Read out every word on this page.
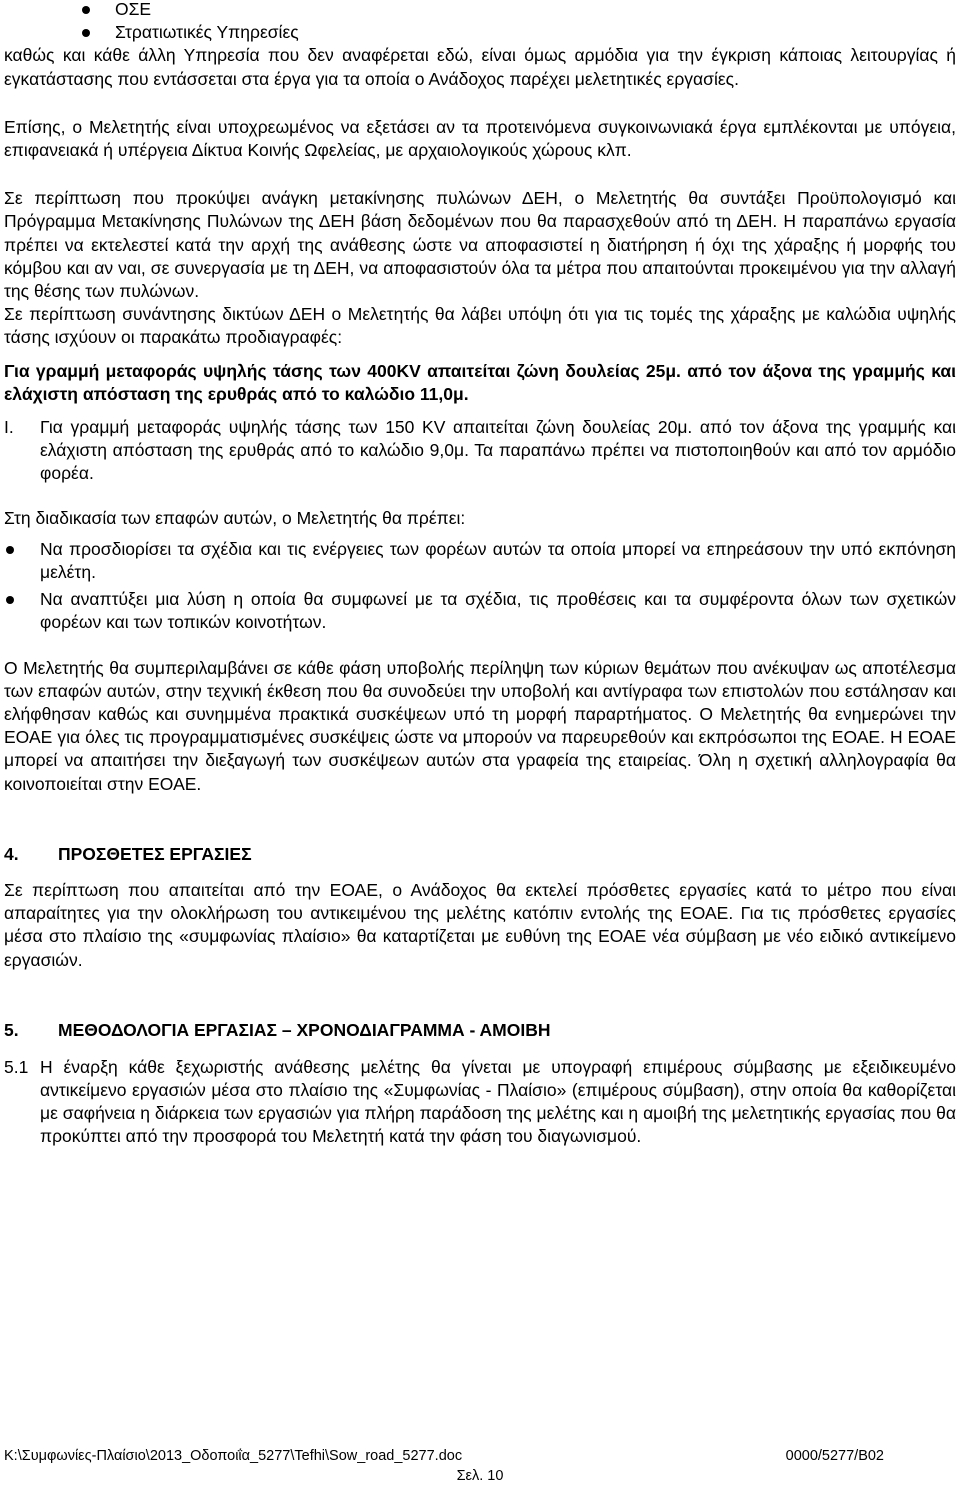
ΟΣΕ
Στρατιωτικές Υπηρεσίες

καθώς και κάθε άλλη Υπηρεσία που δεν αναφέρεται εδώ, είναι όμως αρμόδια για την έγκριση κάποιας λειτουργίας ή εγκατάστασης που εντάσσεται στα έργα για τα οποία ο Ανάδοχος παρέχει μελετητικές εργασίες.

Επίσης, ο Μελετητής είναι υποχρεωμένος να εξετάσει αν τα προτεινόμενα συγκοινωνιακά έργα εμπλέκονται με υπόγεια, επιφανειακά ή υπέργεια Δίκτυα Κοινής Ωφελείας, με αρχαιολογικούς χώρους κλπ.

Σε περίπτωση που προκύψει ανάγκη μετακίνησης πυλώνων ΔΕΗ, ο Μελετητής θα συντάξει Προϋπολογισμό και Πρόγραμμα Μετακίνησης Πυλώνων της ΔΕΗ βάση δεδομένων που θα παρασχεθούν από τη ΔΕΗ. Η παραπάνω εργασία πρέπει να εκτελεστεί κατά την αρχή της ανάθεσης ώστε να αποφασιστεί η διατήρηση ή όχι της χάραξης ή μορφής του κόμβου και αν ναι, σε συνεργασία με τη ΔΕΗ, να αποφασιστούν όλα τα μέτρα που απαιτούνται προκειμένου για την αλλαγή της θέσης των πυλώνων.

Σε περίπτωση συνάντησης δικτύων ΔΕΗ ο Μελετητής θα λάβει υπόψη ότι για τις τομές της χάραξης με καλώδια υψηλής τάσης ισχύουν οι παρακάτω προδιαγραφές:

Για γραμμή μεταφοράς υψηλής τάσης των 400KV απαιτείται ζώνη δουλείας 25μ. από τον άξονα της γραμμής και ελάχιστη απόσταση της ερυθράς από το καλώδιο 11,0μ.

Ι. Για γραμμή μεταφοράς υψηλής τάσης των 150 KV απαιτείται ζώνη δουλείας 20μ. από τον άξονα της γραμμής και ελάχιστη απόσταση της ερυθράς από το καλώδιο 9,0μ. Τα παραπάνω πρέπει να πιστοποιηθούν και από τον αρμόδιο φορέα.

Στη διαδικασία των επαφών αυτών, ο Μελετητής θα πρέπει:

Να προσδιορίσει τα σχέδια και τις ενέργειες των φορέων αυτών τα οποία μπορεί να επηρεάσουν την υπό εκπόνηση μελέτη.
Να αναπτύξει μια λύση η οποία θα συμφωνεί με τα σχέδια, τις προθέσεις και τα συμφέροντα όλων των σχετικών φορέων και των τοπικών κοινοτήτων.

Ο Μελετητής θα συμπεριλαμβάνει σε κάθε φάση υποβολής περίληψη των κύριων θεμάτων που ανέκυψαν ως αποτέλεσμα των επαφών αυτών, στην τεχνική έκθεση που θα συνοδεύει την υποβολή και αντίγραφα των επιστολών που εστάλησαν και ελήφθησαν καθώς και συνημμένα πρακτικά συσκέψεων υπό τη μορφή παραρτήματος. Ο Μελετητής θα ενημερώνει την ΕΟΑΕ για όλες τις προγραμματισμένες συσκέψεις ώστε να μπορούν να παρευρεθούν και εκπρόσωποι της ΕΟΑΕ. Η ΕΟΑΕ μπορεί να απαιτήσει την διεξαγωγή των συσκέψεων αυτών στα γραφεία της εταιρείας. Όλη η σχετική αλληλογραφία θα κοινοποιείται στην ΕΟΑΕ.

4. ΠΡΟΣΘΕΤΕΣ ΕΡΓΑΣΙΕΣ

Σε περίπτωση που απαιτείται από την ΕΟΑΕ, ο Ανάδοχος θα εκτελεί πρόσθετες εργασίες κατά το μέτρο που είναι απαραίτητες για την ολοκλήρωση του αντικειμένου της μελέτης κατόπιν εντολής της ΕΟΑΕ. Για τις πρόσθετες εργασίες μέσα στο πλαίσιο της «συμφωνίας πλαίσιο» θα καταρτίζεται με ευθύνη της ΕΟΑΕ νέα σύμβαση με νέο ειδικό αντικείμενο εργασιών.

5. ΜΕΘΟΔΟΛΟΓΙΑ ΕΡΓΑΣΙΑΣ – ΧΡΟΝΟΔΙΑΓΡΑΜΜΑ - ΑΜΟΙΒΗ
5.1 Η έναρξη κάθε ξεχωριστής ανάθεσης μελέτης θα γίνεται με υπογραφή επιμέρους σύμβασης με εξειδικευμένο αντικείμενο εργασιών μέσα στο πλαίσιο της «Συμφωνίας - Πλαίσιο» (επιμέρους σύμβαση), στην οποία θα καθορίζεται με σαφήνεια η διάρκεια των εργασιών για πλήρη παράδοση της μελέτης και η αμοιβή της μελετητικής εργασίας που θα προκύπτει από την προσφορά του Μελετητή κατά την φάση του διαγωνισμού.
K:\Συμφωνίες-Πλαίσιο\2013_Οδοποιΐα_5277\Tefhi\Sow_road_5277.doc	0000/5277/B02
Σελ. 10
